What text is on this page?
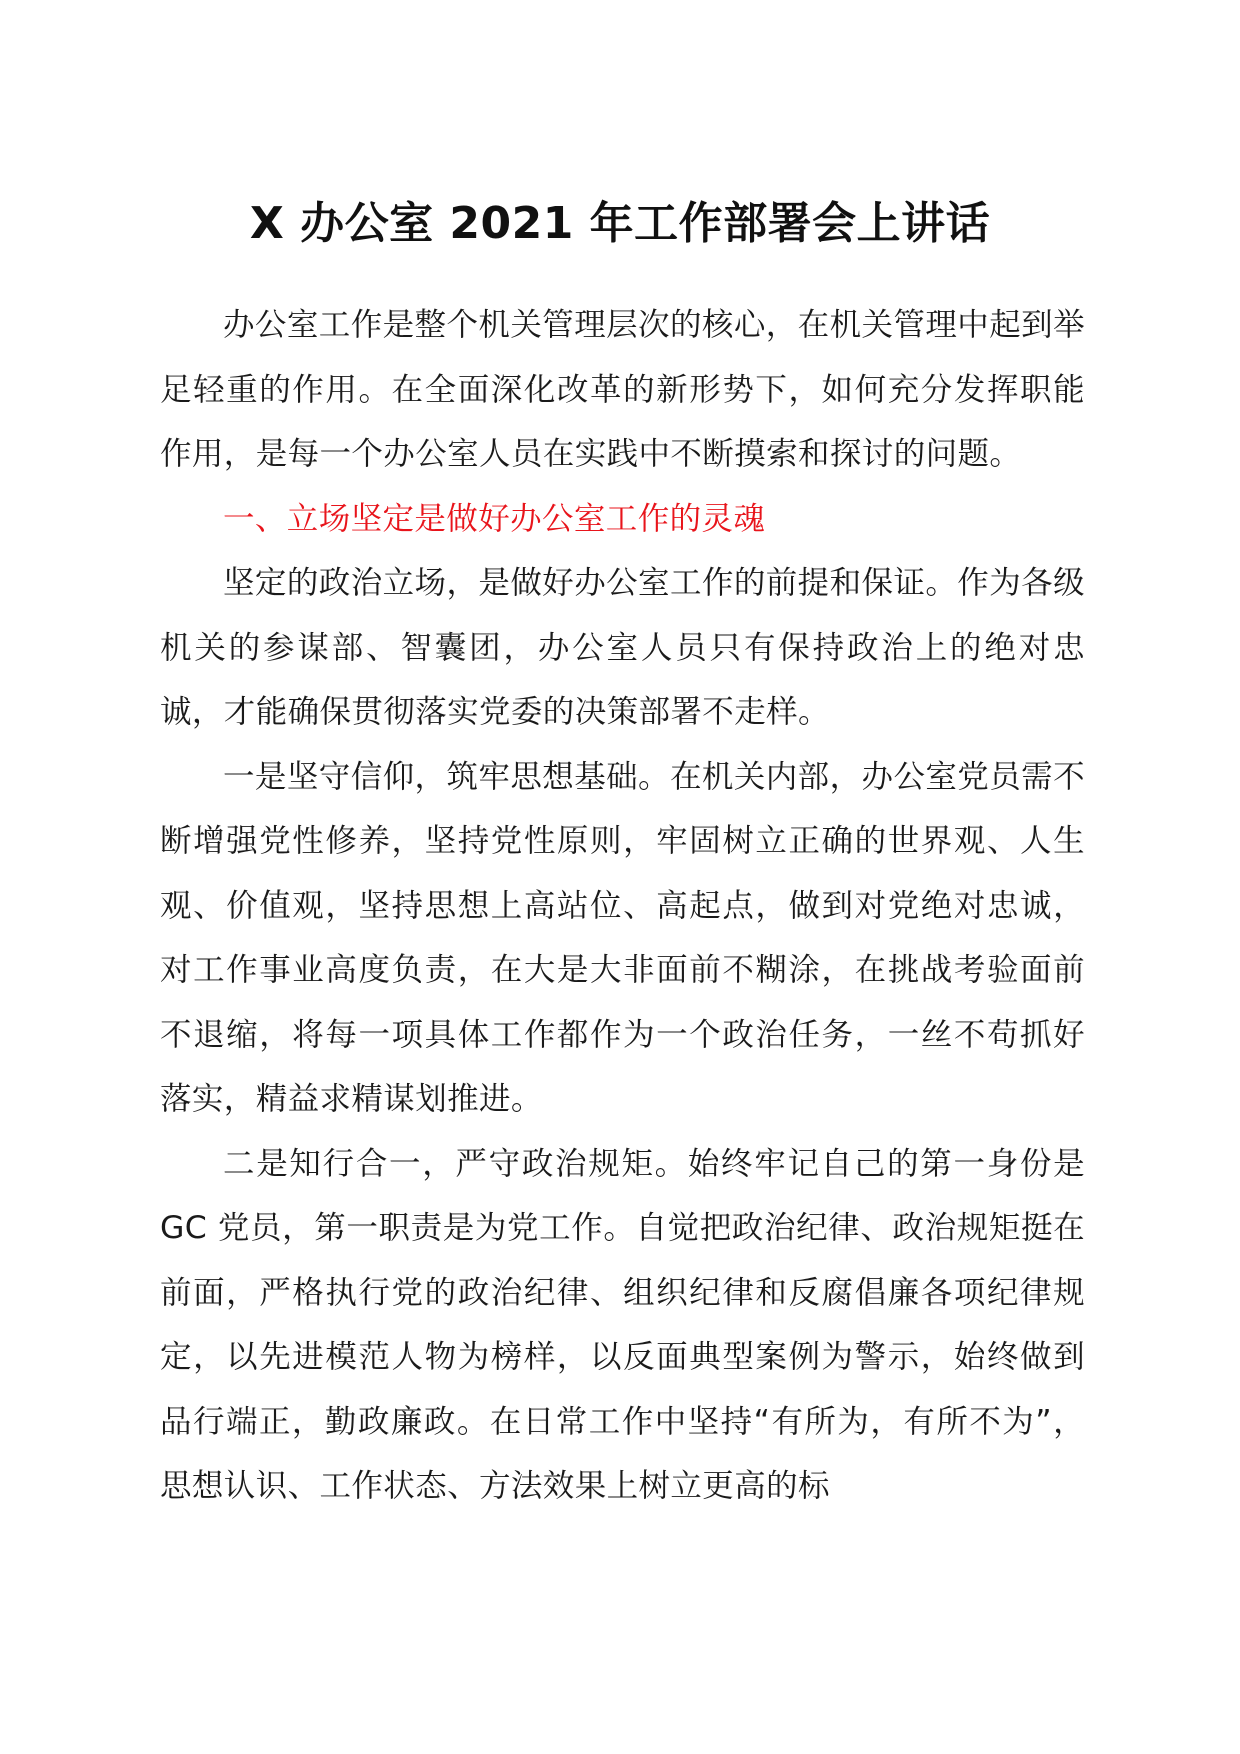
X 办公室 2021 年工作部署会上讲话

办公室工作是整个机关管理层次的核心，在机关管理中起到举足轻重的作用。在全面深化改革的新形势下，如何充分发挥职能作用，是每一个办公室人员在实践中不断摸索和探讨的问题。

一、立场坚定是做好办公室工作的灵魂

坚定的政治立场，是做好办公室工作的前提和保证。作为各级机关的参谋部、智囊团，办公室人员只有保持政治上的绝对忠诚，才能确保贯彻落实党委的决策部署不走样。

一是坚守信仰，筑牢思想基础。在机关内部，办公室党员需不断增强党性修养，坚持党性原则，牢固树立正确的世界观、人生观、价值观，坚持思想上高站位、高起点，做到对党绝对忠诚，对工作事业高度负责，在大是大非面前不糊涂，在挑战考验面前不退缩，将每一项具体工作都作为一个政治任务，一丝不苟抓好落实，精益求精谋划推进。

二是知行合一，严守政治规矩。始终牢记自己的第一身份是 GC 党员，第一职责是为党工作。自觉把政治纪律、政治规矩挺在前面，严格执行党的政治纪律、组织纪律和反腐倡廉各项纪律规定，以先进模范人物为榜样，以反面典型案例为警示，始终做到品行端正，勤政廉政。在日常工作中坚持“有所为，有所不为”，思想认识、工作状态、方法效果上树立更高的标
